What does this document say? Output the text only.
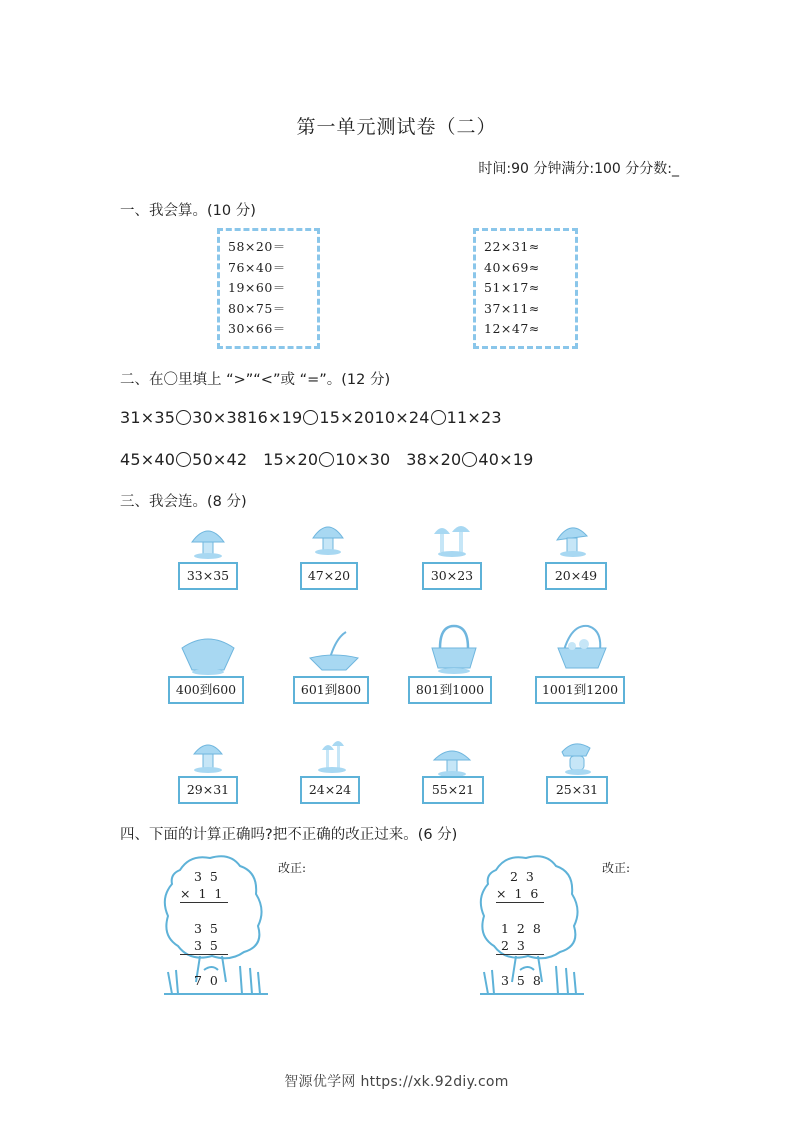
第一单元测试卷（二）
时间:90 分钟满分:100 分分数:_
一、我会算。(10 分)
58×20＝
76×40＝
19×60＝
80×75＝
30×66＝
22×31≈
40×69≈
51×17≈
37×11≈
12×47≈
二、在〇里填上 “>”“<”或 “=”。(12 分)
31×35 30×3816×19 15×2010×24 11×23
45×40 50×42 15×20 10×30 38×20 40×19
三、我会连。(8 分)
33×35	47×20	30×23	20×49
400到600	601到800	801到1000	1001到1200
29×31	24×24	55×21	25×31
四、下面的计算正确吗?把不正确的改正过来。(6 分)
3 5
× 1 1
3 5
3 5
7 0
改正:
2 3
× 1 6
1 2 8
2 3
3 5 8
改正:
智源优学网 https://xk.92diy.com
